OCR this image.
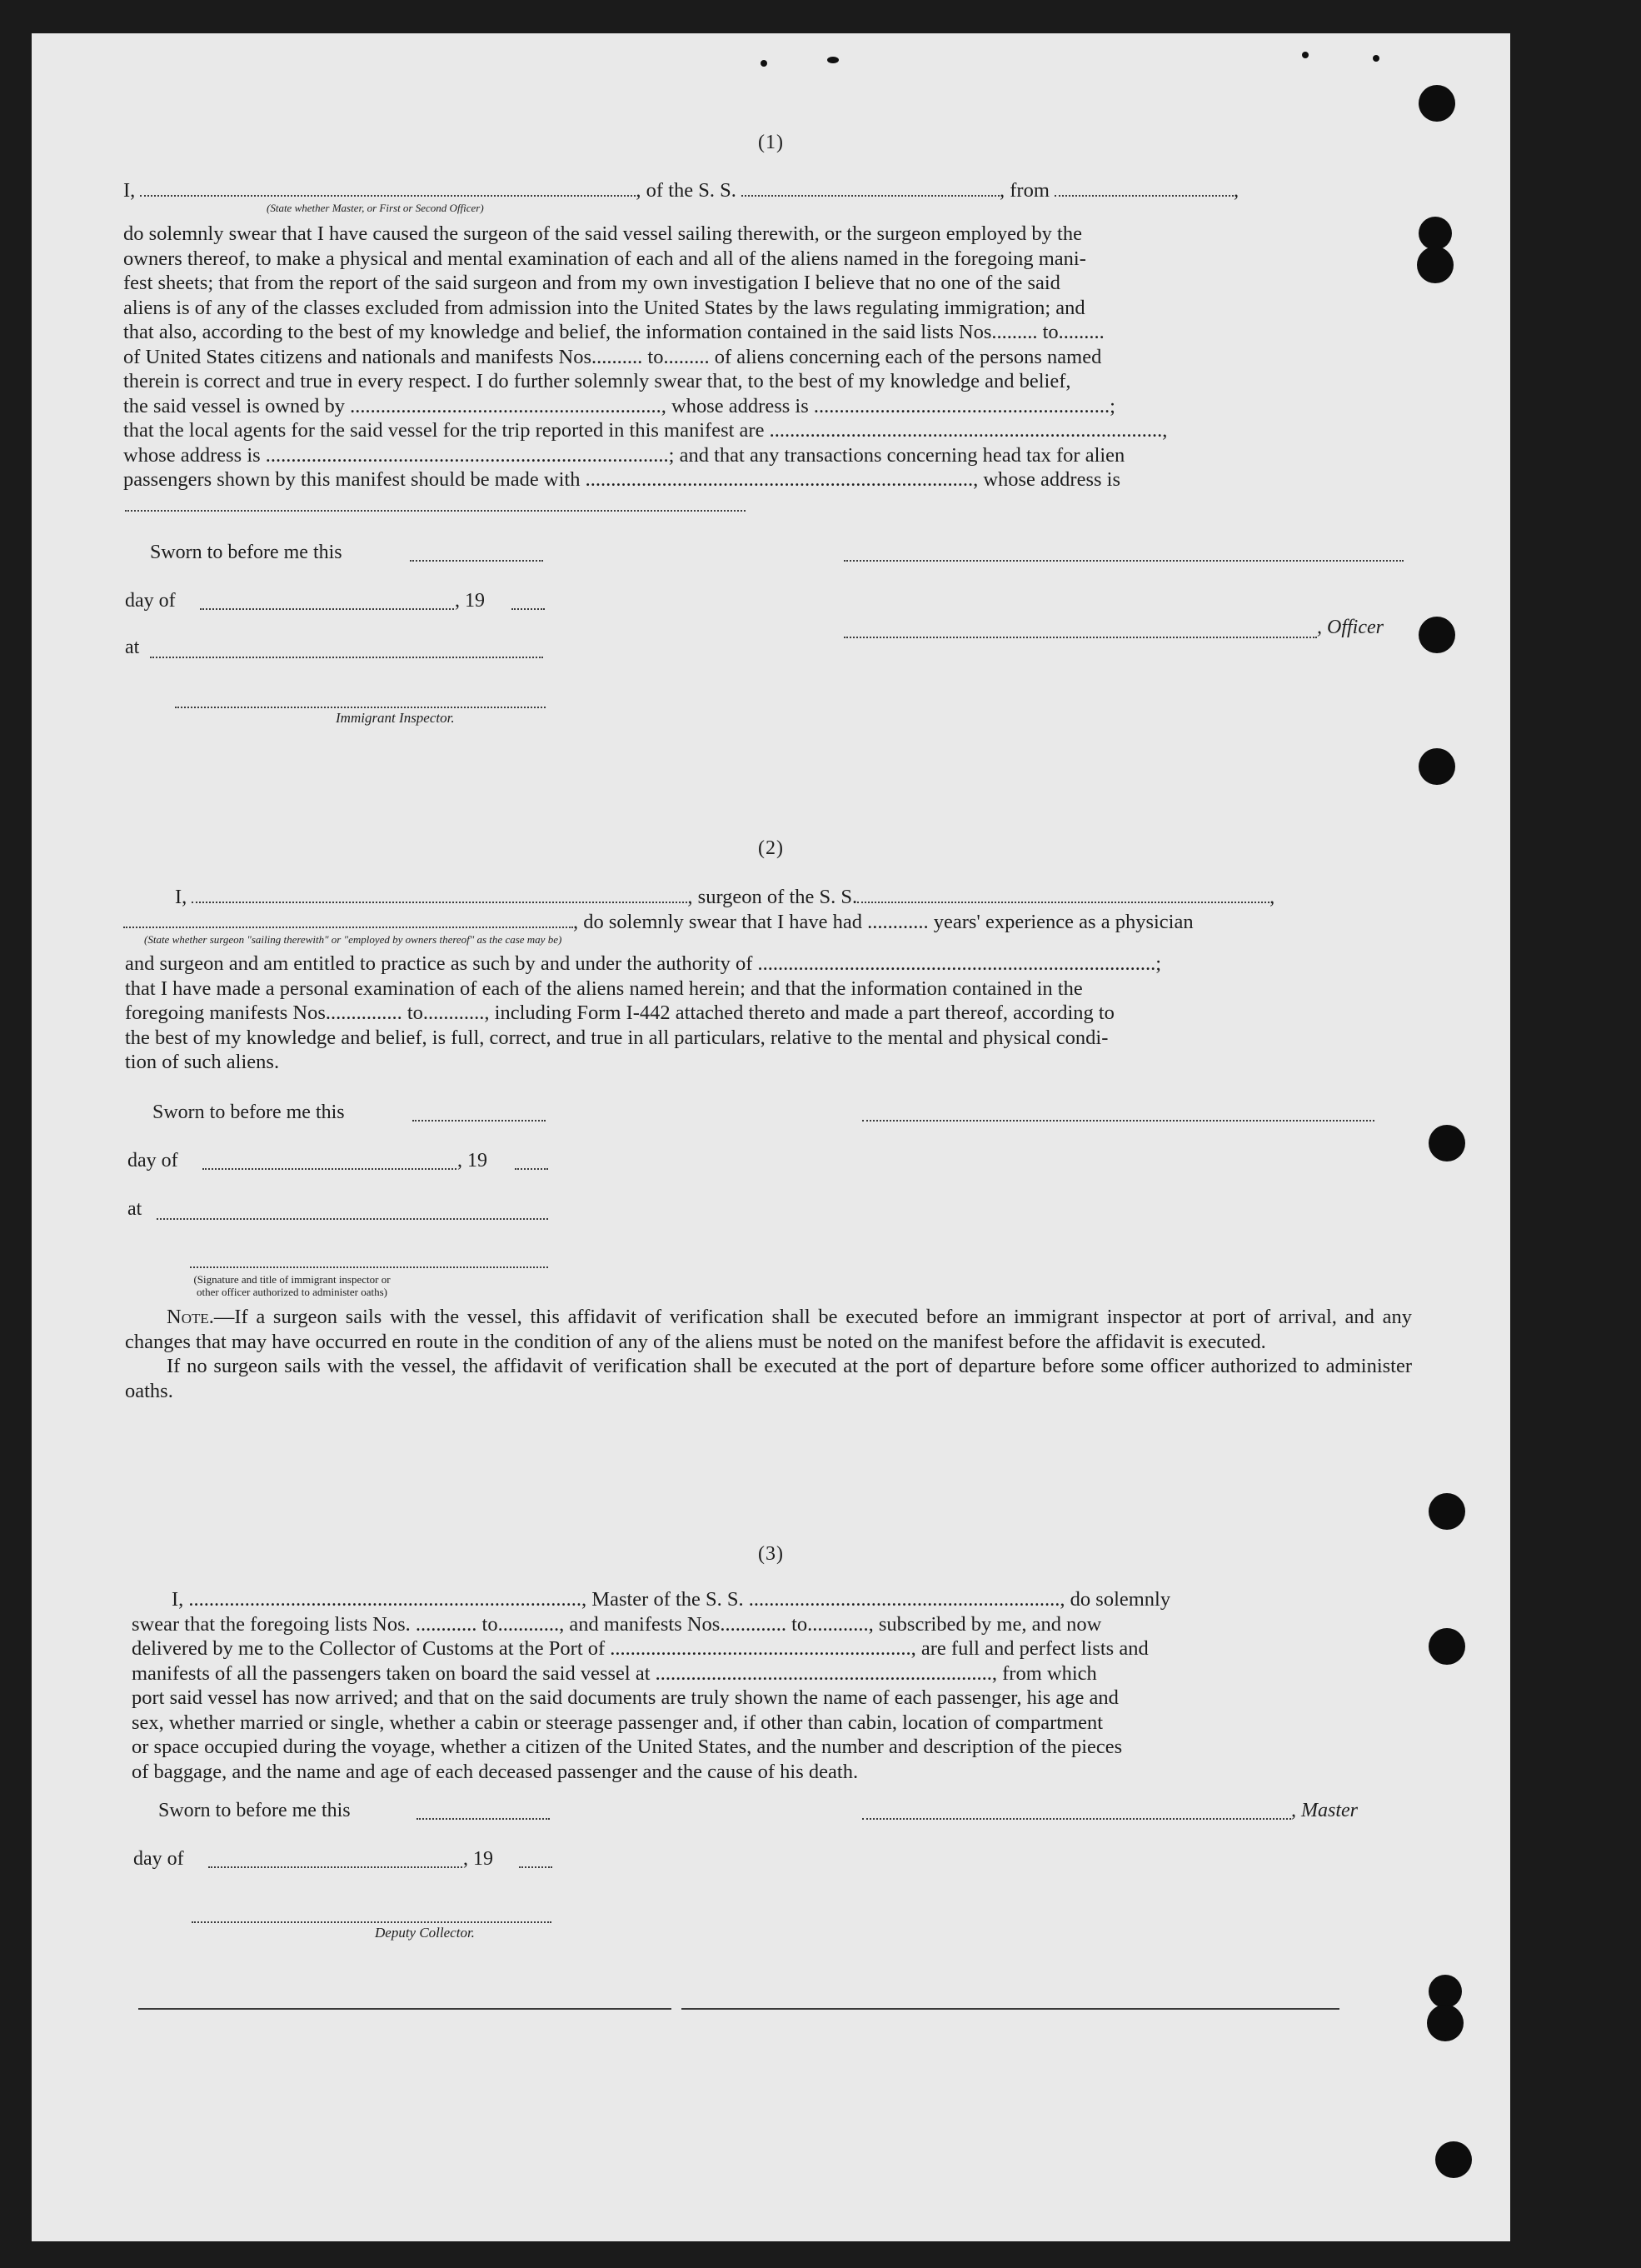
(1)
I,	, of the S. S.	, from	,
(State whether Master, or First or Second Officer)
do solemnly swear that I have caused the surgeon of the said vessel sailing therewith, or the surgeon employed by the
owners thereof, to make a physical and mental examination of each and all of the aliens named in the foregoing mani-
fest sheets; that from the report of the said surgeon and from my own investigation I believe that no one of the said
aliens is of any of the classes excluded from admission into the United States by the laws regulating immigration; and
that also, according to the best of my knowledge and belief, the information contained in the said lists Nos......... to.........
of United States citizens and nationals and manifests Nos.......... to......... of aliens concerning each of the persons named
therein is correct and true in every respect. I do further solemnly swear that, to the best of my knowledge and belief,
the said vessel is owned by ............................................................., whose address is ..........................................................;
that the local agents for the said vessel for the trip reported in this manifest are .............................................................................,
whose address is ...............................................................................; and that any transactions concerning head tax for alien
passengers shown by this manifest should be made with ............................................................................, whose address is
Sworn to before me this
day of	, 19
, Officer
at
Immigrant Inspector.
(2)
I,	, surgeon of the S. S.	,
, do solemnly swear that I have had ............ years' experience as a physician
(State whether surgeon "sailing therewith" or "employed by owners thereof" as the case may be)
and surgeon and am entitled to practice as such by and under the authority of ..............................................................................;
that I have made a personal examination of each of the aliens named herein; and that the information contained in the
foregoing manifests Nos............... to............, including Form I-442 attached thereto and made a part thereof, according to
the best of my knowledge and belief, is full, correct, and true in all particulars, relative to the mental and physical condi-
tion of such aliens.
Sworn to before me this
day of	, 19
at
(Signature and title of immigrant inspector or other officer authorized to administer oaths)
Note.—If a surgeon sails with the vessel, this affidavit of verification shall be executed before an immigrant inspector at port of arrival, and any changes that may have occurred en route in the condition of any of the aliens must be noted on the manifest before the affidavit is executed.
If no surgeon sails with the vessel, the affidavit of verification shall be executed at the port of departure before some officer authorized to administer oaths.
(3)
I, ............................................................................., Master of the S. S. ............................................................., do solemnly
swear that the foregoing lists Nos. ............ to............, and manifests Nos............. to............, subscribed by me, and now
delivered by me to the Collector of Customs at the Port of ..........................................................., are full and perfect lists and
manifests of all the passengers taken on board the said vessel at .................................................................., from which
port said vessel has now arrived; and that on the said documents are truly shown the name of each passenger, his age and
sex, whether married or single, whether a cabin or steerage passenger and, if other than cabin, location of compartment
or space occupied during the voyage, whether a citizen of the United States, and the number and description of the pieces
of baggage, and the name and age of each deceased passenger and the cause of his death.
Sworn to before me this	, Master
day of	, 19
Deputy Collector.
